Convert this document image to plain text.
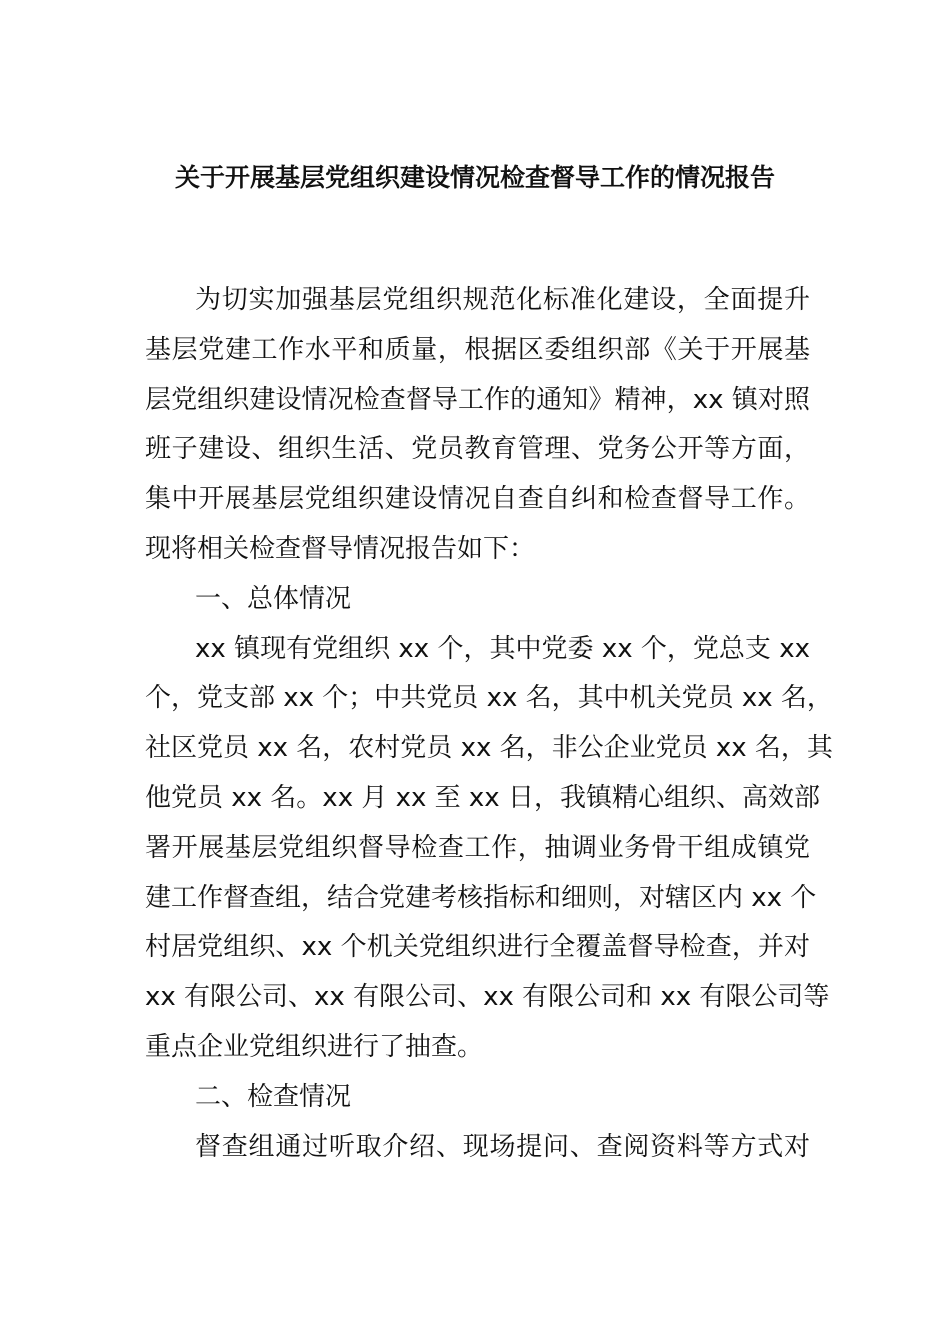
关于开展基层党组织建设情况检查督导工作的情况报告
为切实加强基层党组织规范化标准化建设，全面提升
基层党建工作水平和质量，根据区委组织部《关于开展基
层党组织建设情况检查督导工作的通知》精神，xx 镇对照
班子建设、组织生活、党员教育管理、党务公开等方面，
集中开展基层党组织建设情况自查自纠和检查督导工作。
现将相关检查督导情况报告如下：
一、总体情况
xx 镇现有党组织 xx 个，其中党委 xx 个，党总支 xx
个，党支部 xx 个；中共党员 xx 名，其中机关党员 xx 名，
社区党员 xx 名，农村党员 xx 名，非公企业党员 xx 名，其
他党员 xx 名。xx 月 xx 至 xx 日，我镇精心组织、高效部
署开展基层党组织督导检查工作，抽调业务骨干组成镇党
建工作督查组，结合党建考核指标和细则，对辖区内 xx 个
村居党组织、xx 个机关党组织进行全覆盖督导检查，并对
xx 有限公司、xx 有限公司、xx 有限公司和 xx 有限公司等
重点企业党组织进行了抽查。
二、检查情况
督查组通过听取介绍、现场提问、查阅资料等方式对
